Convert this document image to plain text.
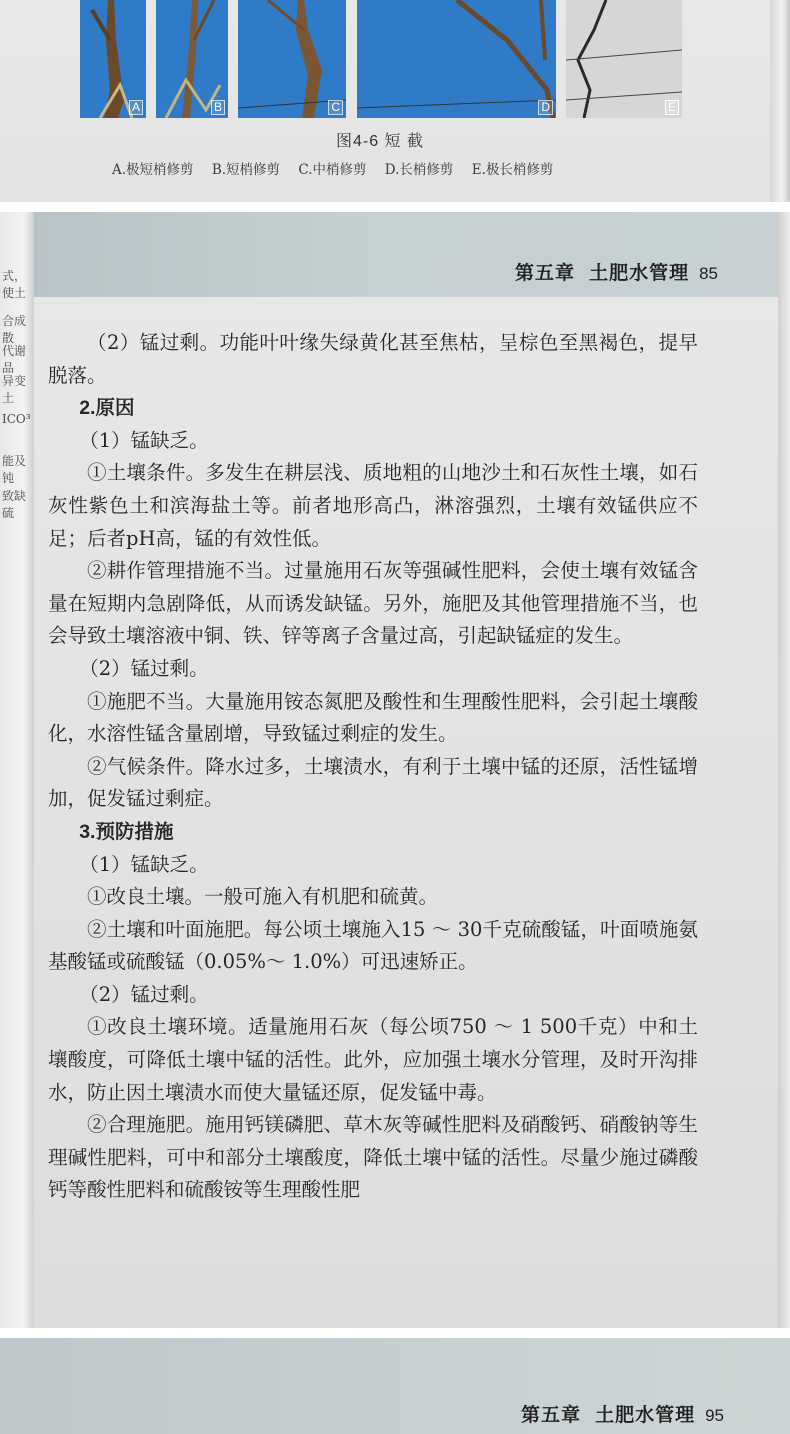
A	B	C	D	E
图4-6 短 截
A.极短梢修剪 B.短梢修剪 C.中梢修剪 D.长梢修剪 E.极长梢修剪
式，使土
合成散
代谢品
异变土
ICO³
能及钝
致缺硫
第五章 土肥水管理 85

（2）锰过剩。功能叶叶缘失绿黄化甚至焦枯，呈棕色至黑褐色，提早脱落。

2.原因

（1）锰缺乏。

①土壤条件。多发生在耕层浅、质地粗的山地沙土和石灰性土壤，如石灰性紫色土和滨海盐土等。前者地形高凸，淋溶强烈，土壤有效锰供应不足；后者pH高，锰的有效性低。

②耕作管理措施不当。过量施用石灰等强碱性肥料，会使土壤有效锰含量在短期内急剧降低，从而诱发缺锰。另外，施肥及其他管理措施不当，也会导致土壤溶液中铜、铁、锌等离子含量过高，引起缺锰症的发生。

（2）锰过剩。

①施肥不当。大量施用铵态氮肥及酸性和生理酸性肥料，会引起土壤酸化，水溶性锰含量剧增，导致锰过剩症的发生。

②气候条件。降水过多，土壤渍水，有利于土壤中锰的还原，活性锰增加，促发锰过剩症。

3.预防措施

（1）锰缺乏。

①改良土壤。一般可施入有机肥和硫黄。

②土壤和叶面施肥。每公顷土壤施入15 ～ 30千克硫酸锰，叶面喷施氨基酸锰或硫酸锰（0.05%～ 1.0%）可迅速矫正。

（2）锰过剩。

①改良土壤环境。适量施用石灰（每公顷750 ～ 1 500千克）中和土壤酸度，可降低土壤中锰的活性。此外，应加强土壤水分管理，及时开沟排水，防止因土壤渍水而使大量锰还原，促发锰中毒。

②合理施肥。施用钙镁磷肥、草木灰等碱性肥料及硝酸钙、硝酸钠等生理碱性肥料，可中和部分土壤酸度，降低土壤中锰的活性。尽量少施过磷酸钙等酸性肥料和硫酸铵等生理酸性肥

第五章 土肥水管理 95
